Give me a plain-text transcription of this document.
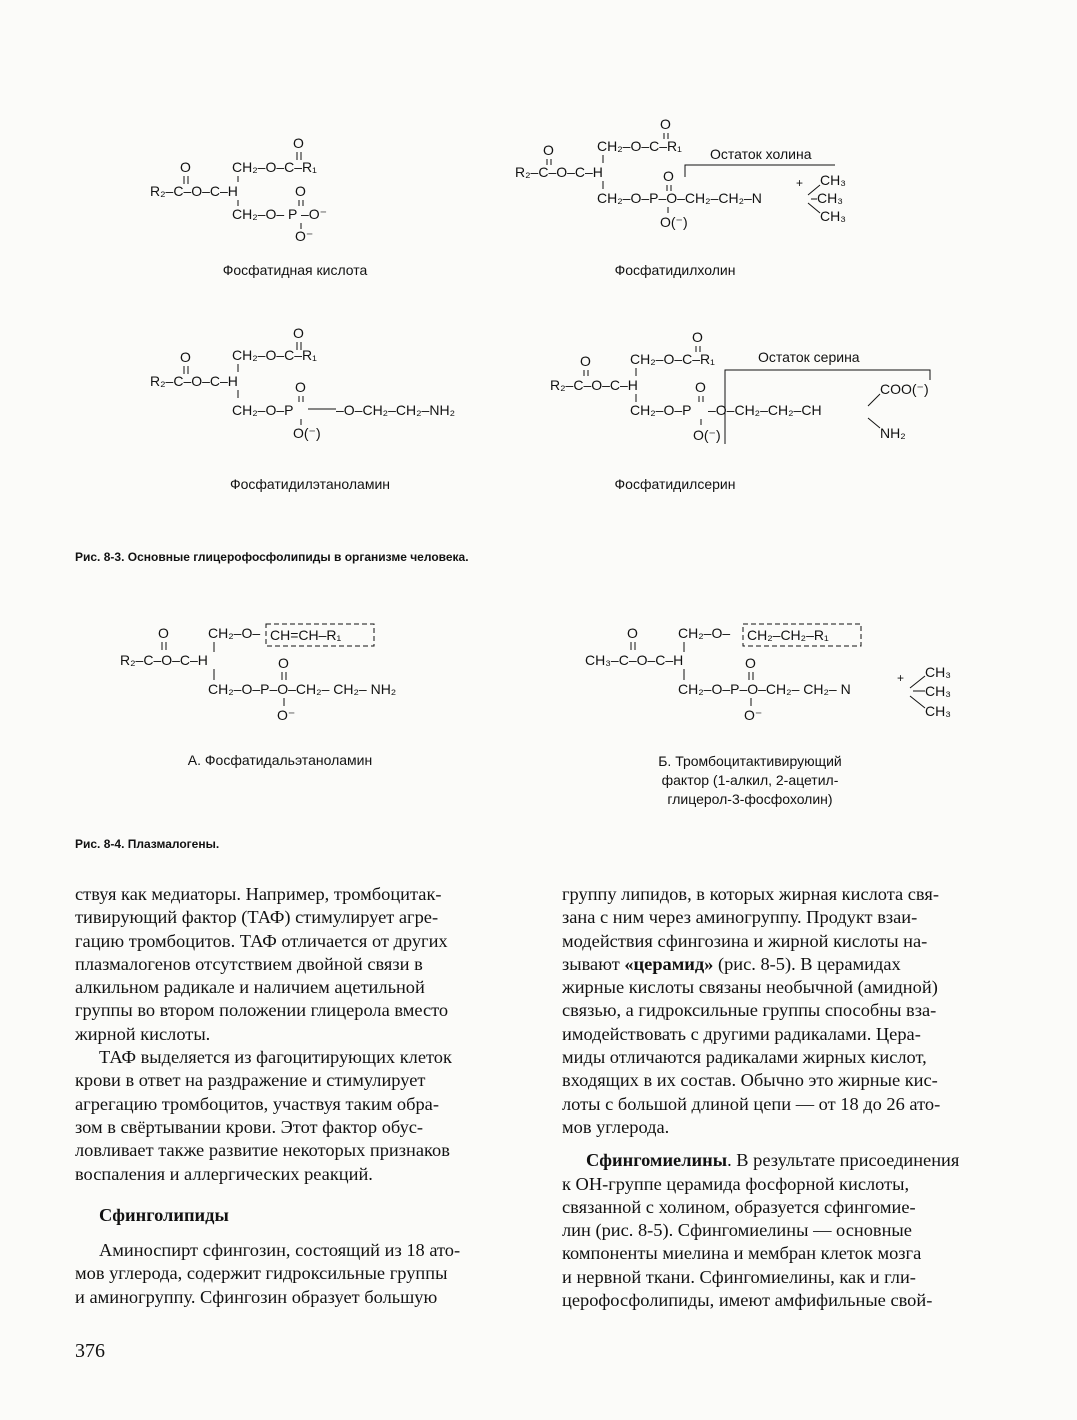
O
O	CH₂–O–C–R₁
R₂–C–O–C–H	O
CH₂–O– P –O⁻
O⁻
Фосфатидная кислота
O
O	CH₂–O–C–R₁ Остаток холина
R₂–C–O–C–H	O	CH₃
+
CH₂–O–P–O–CH₂–CH₂–N	CH₃
CH₃
O(⁻)
Фосфатидилхолин
O
O	CH₂–O–C–R₁
R₂–C–O–C–H	O
CH₂–O–P	–O–CH₂–CH₂–NH₂
O(⁻)
Фосфатидилэтаноламин
O
O	CH₂–O–C–R₁	Остаток серина
R₂–C–O–C–H	O	COO(⁻)
CH₂–O–P –O–CH₂–CH₂–CH
NH₂
O(⁻)
Фосфатидилсерин
Рис. 8-3. Основные глицерофосфолипиды в организме человека.
O	CH₂–O– CH=CH–R₁
R₂–C–O–C–H	O
CH₂–O–P–O–CH₂– CH₂– NH₂
O⁻
А. Фосфатидальэтаноламин
O	CH₂–O– CH₂–CH₂–R₁
CH₃–C–O–C–H	O
CH₃
+
CH₂–O–P–O–CH₂– CH₂– N	CH₃
CH₃
O⁻
Б. Тромбоцитактивирующий
фактор (1-алкил, 2-ацетил-
глицерол-3-фосфохолин)
Рис. 8-4. Плазмалогены.

ствуя как медиаторы. Например, тромбоцитак-
тивирующий фактор (ТАФ) стимулирует агре-
гацию тромбоцитов. ТАФ отличается от других
плазмалогенов отсутствием двойной связи в
алкильном радикале и наличием ацетильной
группы во втором положении глицерола вместо
жирной кислоты.

ТАФ выделяется из фагоцитирующих клеток
крови в ответ на раздражение и стимулирует
агрегацию тромбоцитов, участвуя таким обра-
зом в свёртывании крови. Этот фактор обус-
ловливает также развитие некоторых признаков
воспаления и аллергических реакций.

Сфинголипиды

Аминоспирт сфингозин, состоящий из 18 ато-
мов углерода, содержит гидроксильные группы
и аминогруппу. Сфингозин образует большую

группу липидов, в которых жирная кислота свя-
зана с ним через аминогруппу. Продукт взаи-
модействия сфингозина и жирной кислоты на-
зывают «церамид» (рис. 8-5). В церамидах
жирные кислоты связаны необычной (амидной)
связью, а гидроксильные группы способны вза-
имодействовать с другими радикалами. Цера-
миды отличаются радикалами жирных кислот,
входящих в их состав. Обычно это жирные кис-
лоты с большой длиной цепи — от 18 до 26 ато-
мов углерода.

Сфингомиелины. В результате присоединения
к ОН-группе церамида фосфорной кислоты,
связанной с холином, образуется сфингомие-
лин (рис. 8-5). Сфингомиелины — основные
компоненты миелина и мембран клеток мозга
и нервной ткани. Сфингомиелины, как и гли-
церофосфолипиды, имеют амфифильные свой-

376
